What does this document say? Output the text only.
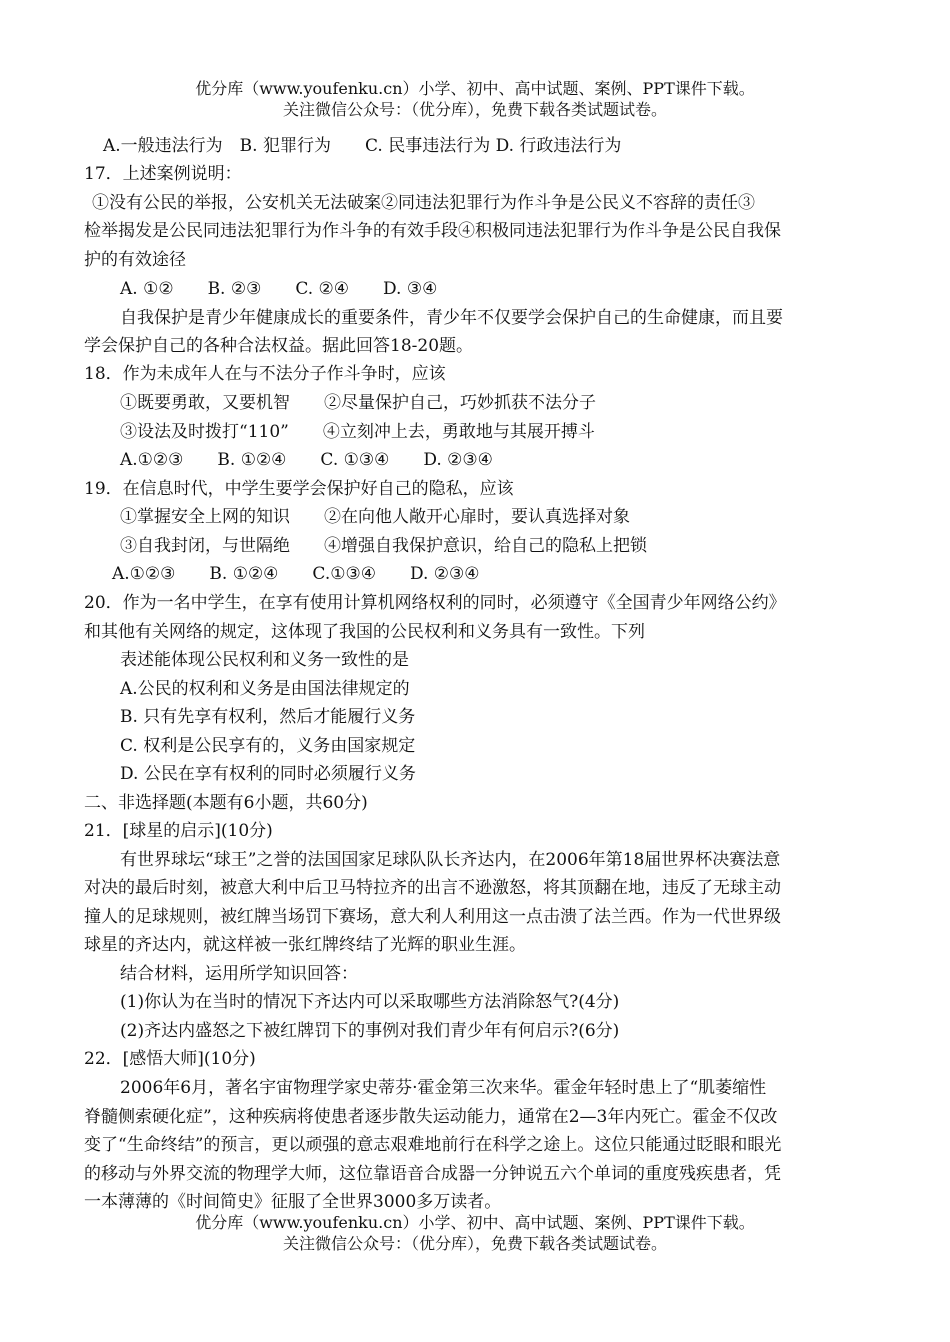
优分库（www.youfenku.cn）小学、初中、高中试题、案例、PPT课件下载。
关注微信公众号：（优分库），免费下载各类试题试卷。
A.一般违法行为　B. 犯罪行为　　C. 民事违法行为 D. 行政违法行为
17．上述案例说明：
①没有公民的举报，公安机关无法破案②同违法犯罪行为作斗争是公民义不容辞的责任③
检举揭发是公民同违法犯罪行为作斗争的有效手段④积极同违法犯罪行为作斗争是公民自我保
护的有效途径
A. ①②　　B. ②③　　C. ②④　　D. ③④
自我保护是青少年健康成长的重要条件，青少年不仅要学会保护自己的生命健康，而且要
学会保护自己的各种合法权益。据此回答18-20题。
18．作为未成年人在与不法分子作斗争时，应该
①既要勇敢，又要机智　　②尽量保护自己，巧妙抓获不法分子
③设法及时拨打“110”　　④立刻冲上去，勇敢地与其展开搏斗
A.①②③　　B. ①②④　　C. ①③④　　D. ②③④
19．在信息时代，中学生要学会保护好自己的隐私，应该
①掌握安全上网的知识　　②在向他人敞开心扉时，要认真选择对象
③自我封闭，与世隔绝　　④增强自我保护意识，给自己的隐私上把锁
A.①②③　　B. ①②④　　C.①③④　　D. ②③④
20．作为一名中学生，在享有使用计算机网络权利的同时，必须遵守《全国青少年网络公约》
和其他有关网络的规定，这体现了我国的公民权利和义务具有一致性。下列
表述能体现公民权利和义务一致性的是
A.公民的权利和义务是由国法律规定的
B. 只有先享有权利，然后才能履行义务
C. 权利是公民享有的，义务由国家规定
D. 公民在享有权利的同时必须履行义务
二、非选择题(本题有6小题，共60分)
21．[球星的启示](10分)
有世界球坛“球王”之誉的法国国家足球队队长齐达内，在2006年第18届世界杯决赛法意
对决的最后时刻，被意大利中后卫马特拉齐的出言不逊激怒，将其顶翻在地，违反了无球主动
撞人的足球规则，被红牌当场罚下赛场，意大利人利用这一点击溃了法兰西。作为一代世界级
球星的齐达内，就这样被一张红牌终结了光辉的职业生涯。
结合材料，运用所学知识回答：
(1)你认为在当时的情况下齐达内可以采取哪些方法消除怒气?(4分)
(2)齐达内盛怒之下被红牌罚下的事例对我们青少年有何启示?(6分)
22．[感悟大师](10分)
2006年6月，著名宇宙物理学家史蒂芬·霍金第三次来华。霍金年轻时患上了“肌萎缩性
脊髓侧索硬化症”，这种疾病将使患者逐步散失运动能力，通常在2—3年内死亡。霍金不仅改
变了“生命终结”的预言，更以顽强的意志艰难地前行在科学之途上。这位只能通过眨眼和眼光
的移动与外界交流的物理学大师，这位靠语音合成器一分钟说五六个单词的重度残疾患者，凭
一本薄薄的《时间简史》征服了全世界3000多万读者。
优分库（www.youfenku.cn）小学、初中、高中试题、案例、PPT课件下载。
关注微信公众号：（优分库），免费下载各类试题试卷。
